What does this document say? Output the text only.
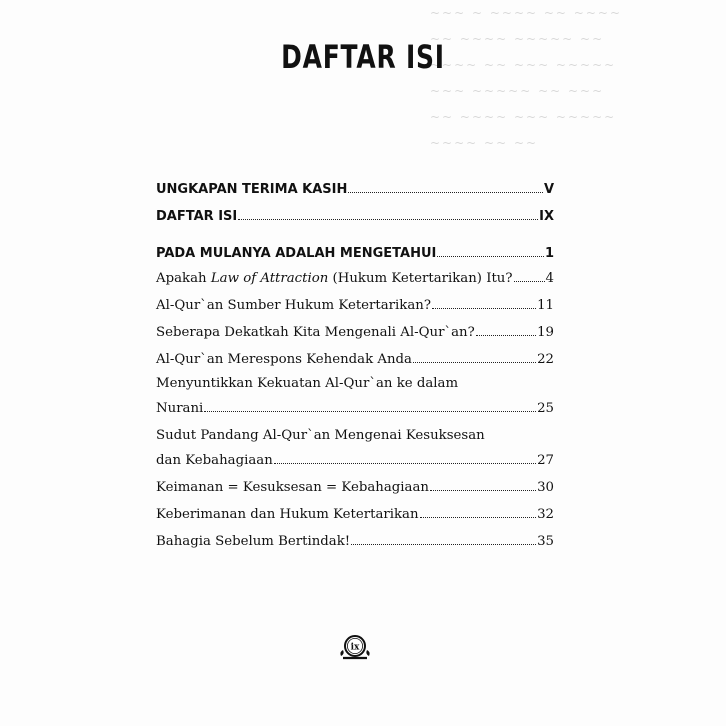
~~~ ~ ~~~~ ~~ ~~~~
~~ ~~~~ ~~~~~ ~~
~~~~ ~~ ~~~ ~~~~~
~~~ ~~~~~ ~~ ~~~
~~ ~~~~ ~~~ ~~~~~
~~~~ ~~ ~~
DAFTAR ISI
UNGKAPAN TERIMA KASIH	V
DAFTAR ISI	IX
PADA MULANYA ADALAH MENGETAHUI	1
Apakah Law of Attraction (Hukum Ketertarikan) Itu? 4
Al-Qur`an Sumber Hukum Ketertarikan?	11
Seberapa Dekatkah Kita Mengenali Al-Qur`an?	19
Al-Qur`an Merespons Kehendak Anda	22
Menyuntikkan Kekuatan Al-Qur`an ke dalam
Nurani	25
Sudut Pandang Al-Qur`an Mengenai Kesuksesan
dan Kebahagiaan	27
Keimanan = Kesuksesan = Kebahagiaan	30
Keberimanan dan Hukum Ketertarikan	32
Bahagia Sebelum Bertindak!	35
ix
